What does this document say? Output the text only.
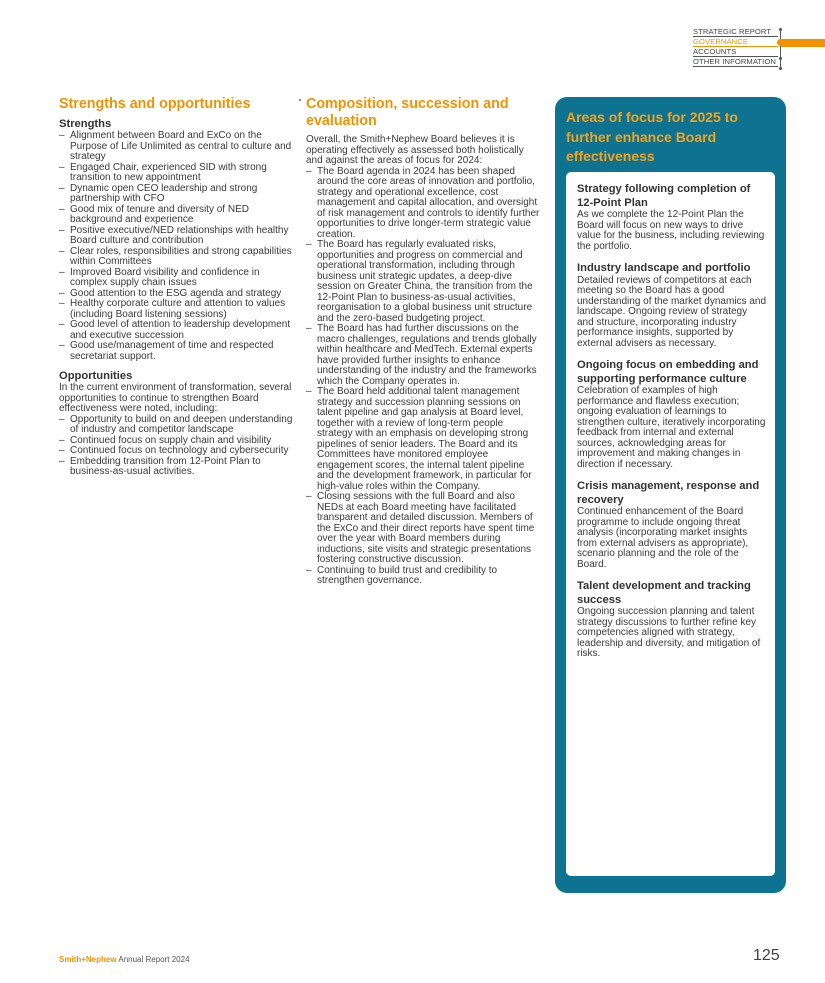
STRATEGIC REPORT
GOVERNANCE
ACCOUNTS
OTHER INFORMATION
Strengths and opportunities
Strengths
– Alignment between Board and ExCo on the Purpose of Life Unlimited as central to culture and strategy
– Engaged Chair, experienced SID with strong transition to new appointment
– Dynamic open CEO leadership and strong partnership with CFO
– Good mix of tenure and diversity of NED background and experience
– Positive executive/NED relationships with healthy Board culture and contribution
– Clear roles, responsibilities and strong capabilities within Committees
– Improved Board visibility and confidence in complex supply chain issues
– Good attention to the ESG agenda and strategy
– Healthy corporate culture and attention to values (including Board listening sessions)
– Good level of attention to leadership development and executive succession
– Good use/management of time and respected secretariat support.
Opportunities

In the current environment of transformation, several opportunities to continue to strengthen Board effectiveness were noted, including:

– Opportunity to build on and deepen understanding of industry and competitor landscape
– Continued focus on supply chain and visibility
– Continued focus on technology and cybersecurity
– Embedding transition from 12-Point Plan to business-as-usual activities.
Composition, succession and evaluation

Overall, the Smith+Nephew Board believes it is operating effectively as assessed both holistically and against the areas of focus for 2024:

– The Board agenda in 2024 has been shaped around the core areas of innovation and portfolio, strategy and operational excellence, cost management and capital allocation, and oversight of risk management and controls to identify further opportunities to drive longer-term strategic value creation.
– The Board has regularly evaluated risks, opportunities and progress on commercial and operational transformation, including through business unit strategic updates, a deep-dive session on Greater China, the transition from the 12-Point Plan to business-as-usual activities, reorganisation to a global business unit structure and the zero-based budgeting project.
– The Board has had further discussions on the macro challenges, regulations and trends globally within healthcare and MedTech. External experts have provided further insights to enhance understanding of the industry and the frameworks which the Company operates in.
– The Board held additional talent management strategy and succession planning sessions on talent pipeline and gap analysis at Board level, together with a review of long-term people strategy with an emphasis on developing strong pipelines of senior leaders. The Board and its Committees have monitored employee engagement scores, the internal talent pipeline and the development framework, in particular for high-value roles within the Company.
– Closing sessions with the full Board and also NEDs at each Board meeting have facilitated transparent and detailed discussion. Members of the ExCo and their direct reports have spent time over the year with Board members during inductions, site visits and strategic presentations fostering constructive discussion.
– Continuing to build trust and credibility to strengthen governance.
Areas of focus for 2025 to further enhance Board effectiveness
Strategy following completion of 12-Point Plan

As we complete the 12-Point Plan the Board will focus on new ways to drive value for the business, including reviewing the portfolio.

Industry landscape and portfolio

Detailed reviews of competitors at each meeting so the Board has a good understanding of the market dynamics and landscape. Ongoing review of strategy and structure, incorporating industry performance insights, supported by external advisers as necessary.

Ongoing focus on embedding and supporting performance culture

Celebration of examples of high performance and flawless execution; ongoing evaluation of learnings to strengthen culture, iteratively incorporating feedback from internal and external sources, acknowledging areas for improvement and making changes in direction if necessary.

Crisis management, response and recovery

Continued enhancement of the Board programme to include ongoing threat analysis (incorporating market insights from external advisers as appropriate), scenario planning and the role of the Board.

Talent development and tracking success

Ongoing succession planning and talent strategy discussions to further refine key competencies aligned with strategy, leadership and diversity, and mitigation of risks.

Smith+Nephew Annual Report 2024	125
